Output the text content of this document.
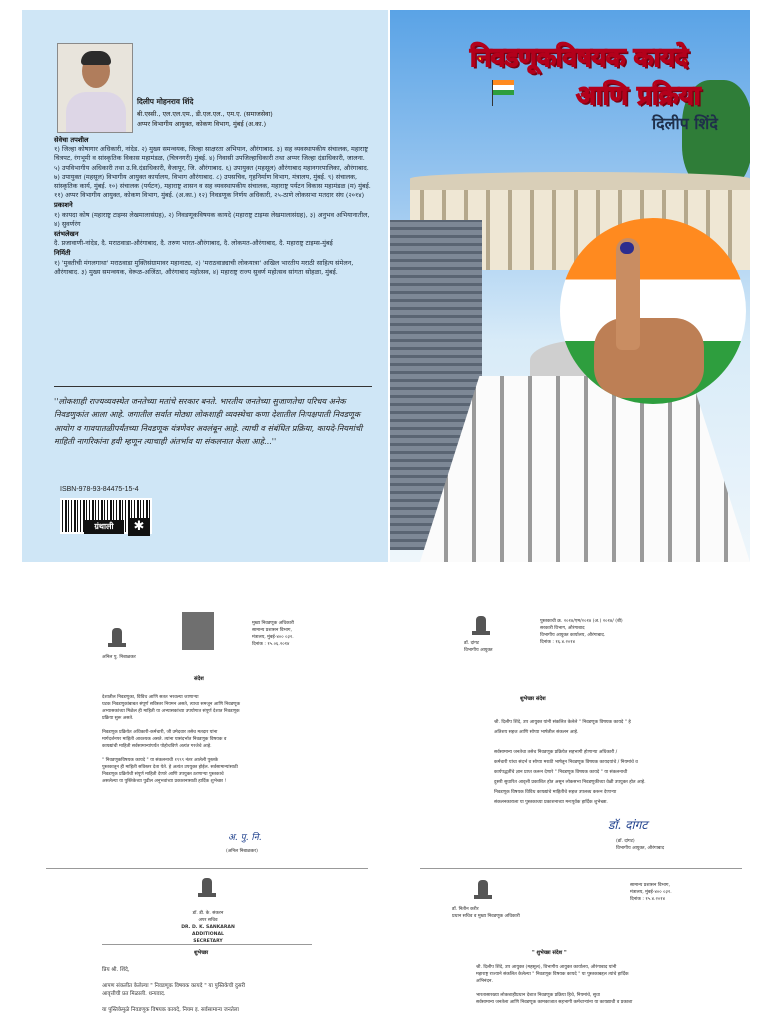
दिलीप मोहनराव शिंदे
बी.एस्सी., एल.एल.एम., डी.एल.एल., एम.ए. (समाजसेवा)
अप्पर विभागीय आयुक्त, कोकण विभाग, मुंबई (अ.का.)
सेवेचा तपशील

१) जिल्हा कोषागार अधिकारी, नांदेड. २) मुख्य समन्वयक, जिल्हा साक्षरता अभियान, औरंगाबाद. ३) सह व्यवस्थापकीय संचालक, महाराष्ट्र चित्रपट, रंगभूमी व सांस्कृतिक विकास महामंडळ, (चित्रनगरी) मुंबई. ४) निवासी उपजिल्हाधिकारी तथा अप्पर जिल्हा दंडाधिकारी, जालना. ५) उपविभागीय अधिकारी तथा उ.वि.दंडाधिकारी, वैजापूर, जि. औरंगाबाद. ६) उपायुक्त (महसूल) औरंगाबाद महानगरपालिका, औरंगाबाद. ७) उपायुक्त (महसूल) विभागीय आयुक्त कार्यालय, विभाग औरंगाबाद. ८) उपसचिव, गृहनिर्माण विभाग, मंत्रालय, मुंबई. ९) संचालक, सांस्कृतिक कार्य, मुंबई. १०) संचालक (पर्यटन), महाराष्ट्र शासन व सह व्यवस्थापकीय संचालक, महाराष्ट्र पर्यटन विकास महामंडळ (म) मुंबई. ११) अप्पर विभागीय आयुक्त, कोकण विभाग, मुंबई. (अ.का.) १२) निवडणूक निर्णय अधिकारी, २५-ठाणे लोकसभा मतदार संघ (२०१४)

प्रकाशने

१) कायदा कोष (महाराष्ट्र टाइम्स लेखमालासंग्रह), २) निवडणूकविषयक कायदे (महाराष्ट्र टाइम्स लेखमालासंग्रह), ३) अनुभव अभियानातील, ४) सुवर्णरंग

स्तंभलेखन

दै. प्रजावाणी-नांदेड, दै. मराठवाडा-औरंगाबाद, दै. तरुण भारत-औरंगाबाद, दै. लोकमत-औरंगाबाद, दै. महाराष्ट्र टाइम्स-मुंबई

निर्मिती

१) 'मुक्तीची मंगलगाथा' मराठवाडा मुक्तिसंग्रामावर महानाट्य, २) 'मराठवाड्याची लोकयात्रा' अखिल भारतीय मराठी साहित्य संमेलन, औरंगाबाद. ३) मुख्य समन्वयक, वेरूळ-अजिंठा, औरंगाबाद महोत्सव, ४) महाराष्ट्र राज्य सुवर्ण महोत्सव सांगता सोहळा, मुंबई.

''लोकशाही राज्यव्यवस्थेत जनतेच्या मतांचे सरकार बनते. भारतीय जनतेच्या सुजाणतेचा परिचय अनेक निवडणुकांत आला आहे. जगातील सर्वात मोठ्या लोकशाही व्यवस्थेचा कणा देशातील निःपक्षपाती निवडणूक आयोग व गावपातळीपर्यंतच्या निवडणूक यंत्रणेवर अवलंबून आहे. त्याची व संबंधित प्रक्रिया, कायदे-नियमांची माहिती नागरिकांना हवी म्हणून त्याचाही अंतर्भाव या संकलनात केला आहे...''
ISBN-978-93-84475-15-4
ग्रंथाली	✱
निवडणूकविषयक कायदे
आणि प्रक्रिया
दिलीप शिंदे
अनिल पु. निबाळकर
मुख्य निवडणूक अधिकारी
सामान्य प्रशासन विभाग,
मंत्रालय, मुंबई-४०० ०३२.
दिनांक : १५.०६.२०१४
संदेश
देशातील निवडणुका, विविध आणि सतत भरवल्या जाणाऱ्या
घटक निवडणुकांबाबत संपूर्ण सविस्तर नियमन असते, त्याचा समजून आणि निवडणूक
अभ्यासकांच्या मिळेल ही माहिती या अभ्यासकांच्या उपयोगात संपूर्ण देशात निवडणूक
प्रक्रिया सुरू असते.

निवडणूक प्रक्रियेत अधिकारी-कर्मचारी, जी उमेदवार तसेच मतदार यांना
मार्गदर्शनपर माहिती आवश्यक असते. त्यांना यासंदर्भात निवडणूक विषयक व
कायद्यांची माहिती सर्वसामान्यांपर्यंत पोहोचविणे अत्यंत गरजेचे आहे.

" निवडणूकविषयक कायदे " या संकलनाची १९९९ नंतर आलेली पुस्तके
पुस्तकातून ही माहिती सविस्तर देता येते. हे अत्यंत उपयुक्त होईल. सर्वसामान्यांसाठी
निवडणूक प्रक्रियेची संपूर्ण माहिती देणारे आणि उपयुक्त ठरणाऱ्या पुस्तकाचे
असलेल्या या पुस्तिकेच्या पुढील अनुभवांच्या प्रकाशनासाठी हार्दिक शुभेच्छा !
अ. पु. नि.
(अनिल निबाळकर)
डॉ. दांगट
विभागीय आयुक्त
पुस्तकाची क्र. २०१४/एम/२०१४ (अ.) २०१४/ (बी)
सरकारी विभाग, औरंगाबाद
विभागीय आयुक्त कार्यालय, औरंगाबाद.
दिनांक : १६.४.२०१४
शुभेच्छा संदेश
श्री. दिलीप शिंदे, उप आयुक्त यांनी संकलित केलेले " निवडणूक विषयक कायदे " हे
अतिशय सहज आणि सोप्या भाषेतील संकलन आहे.

सर्वसामान्य जनतेचा तसेच निवडणूक प्रक्रियेत सहभागी होणाऱ्या अधिकारी /
कर्मचारी यांचा संदर्भ व सोप्या मराठी भाषेतून निवडणूक विषयक कायदयांचे / नियमांचे व
कार्यपद्धतींचे ज्ञान प्राप्त करून देणारे " निवडणूक विषयक कायदे " या संकलनाची
दुसरी सुधारित आवृत्ती प्रकाशित होत असून लोकसभा निवडणुकीच्या वेळी उपयुक्त होत आहे.
निवडणूक विषयक विविध कायद्यांचे माहितीचे सहज उपलब्ध करून देणाऱ्या
संकलनकाराला या पुस्तकाच्या प्रकाशनाच्या मनःपूर्वक हार्दिक शुभेच्छा.
डॉ. दांगट
(डॉ. दांगट)
विभागीय आयुक्त, औरंगाबाद
डॉ. डी. के. संकरन
अपर सचिव
DR. D. K. SANKARAN
ADDITIONAL SECRETARY
शुभेच्छा
प्रिय श्री. शिंदे,

आपण संकलीत केलेल्या " निवडणूक विषयक कायदे " या पुस्तिकेची दुसरी
आवृत्तीची प्रत मिळाली. धन्यवाद.

या पुस्तिकेमुळे निवडणूक विषयक कायदे, नियम इ. सर्वसामान्य जनतेला
डॉ. नितीन करीर
प्रधान सचिव व मुख्य निवडणूक अधिकारी
सामान्य प्रशासन विभाग,
मंत्रालय, मुंबई-४०० ०३२.
दिनांक : १५.४.२०१४
" शुभेच्छा संदेश "
श्री. दिलीप शिंदे, उप आयुक्त (महसूल), विभागीय आयुक्त कार्यालय, औरंगाबाद यांनी
महाराष्ट्र राज्याने संकलित केलेल्या " निवडणूक विषयक कायदे " या पुस्तकाबद्दल त्यांचे हार्दिक
अभिनंदन.

भारतासारख्या लोकशाहीप्रधान देशात निवडणूक प्रक्रिया हिचे, नियमांचे, सुधा
सर्वसामान्य जनतेला आणि निवडणूक कामकाजात सहभागी कर्मचाऱ्यांना या कायद्याची व प्रकाशा
